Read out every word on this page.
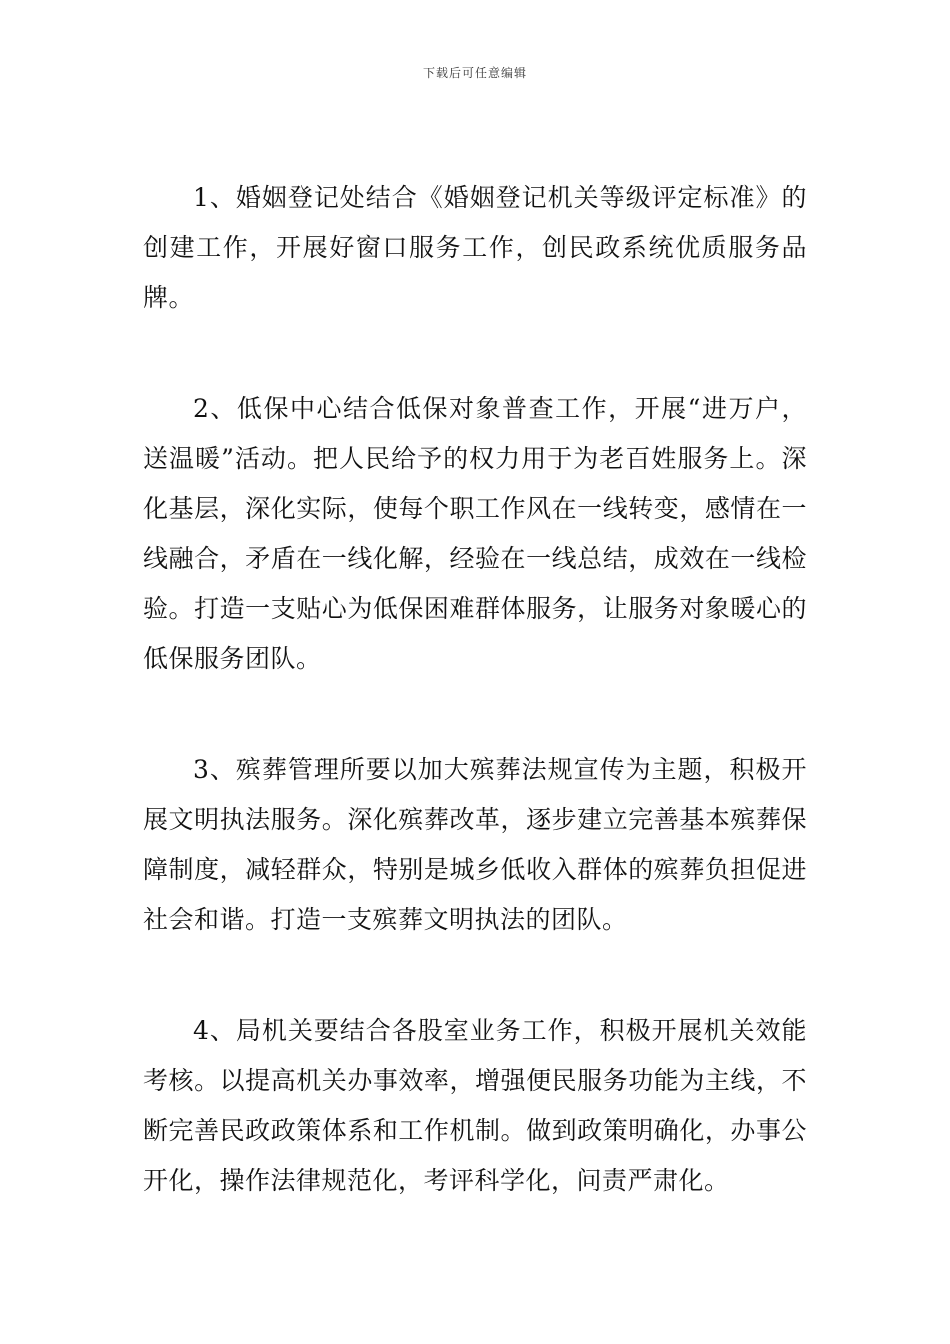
下载后可任意编辑

1、婚姻登记处结合《婚姻登记机关等级评定标准》的创建工作，开展好窗口服务工作，创民政系统优质服务品牌。

2、低保中心结合低保对象普查工作，开展“进万户，送温暖”活动。把人民给予的权力用于为老百姓服务上。深化基层，深化实际，使每个职工作风在一线转变，感情在一线融合，矛盾在一线化解，经验在一线总结，成效在一线检验。打造一支贴心为低保困难群体服务，让服务对象暖心的低保服务团队。

3、殡葬管理所要以加大殡葬法规宣传为主题，积极开展文明执法服务。深化殡葬改革，逐步建立完善基本殡葬保障制度，减轻群众，特别是城乡低收入群体的殡葬负担促进社会和谐。打造一支殡葬文明执法的团队。

4、局机关要结合各股室业务工作，积极开展机关效能考核。以提高机关办事效率，增强便民服务功能为主线，不断完善民政政策体系和工作机制。做到政策明确化，办事公开化，操作法律规范化，考评科学化，问责严肃化。
